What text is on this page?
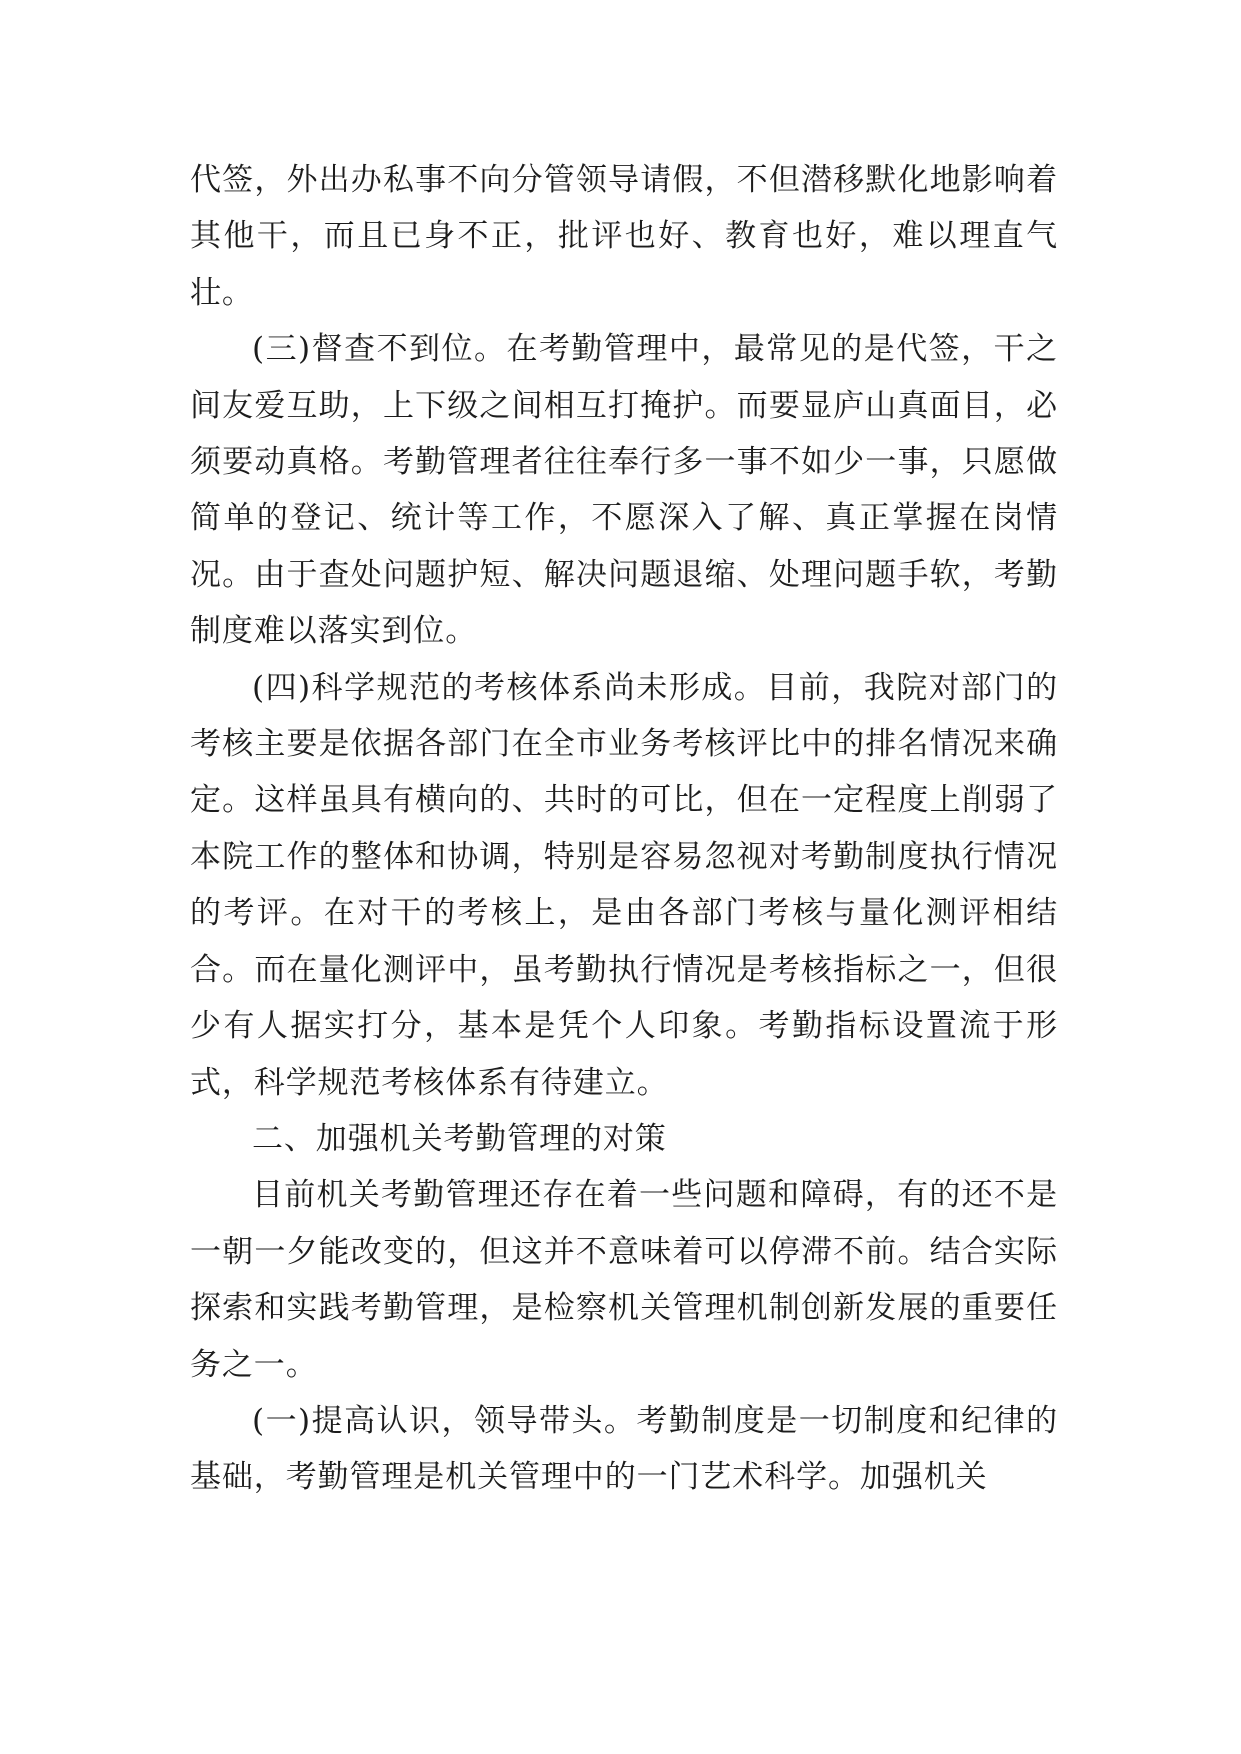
代签，外出办私事不向分管领导请假，不但潜移默化地影响着其他干，而且已身不正，批评也好、教育也好，难以理直气壮。

(三)督查不到位。在考勤管理中，最常见的是代签，干之间友爱互助，上下级之间相互打掩护。而要显庐山真面目，必须要动真格。考勤管理者往往奉行多一事不如少一事，只愿做简单的登记、统计等工作，不愿深入了解、真正掌握在岗情况。由于查处问题护短、解决问题退缩、处理问题手软，考勤制度难以落实到位。

(四)科学规范的考核体系尚未形成。目前，我院对部门的考核主要是依据各部门在全市业务考核评比中的排名情况来确定。这样虽具有横向的、共时的可比，但在一定程度上削弱了本院工作的整体和协调，特别是容易忽视对考勤制度执行情况的考评。在对干的考核上，是由各部门考核与量化测评相结合。而在量化测评中，虽考勤执行情况是考核指标之一，但很少有人据实打分，基本是凭个人印象。考勤指标设置流于形式，科学规范考核体系有待建立。

二、加强机关考勤管理的对策

目前机关考勤管理还存在着一些问题和障碍，有的还不是一朝一夕能改变的，但这并不意味着可以停滞不前。结合实际探索和实践考勤管理，是检察机关管理机制创新发展的重要任务之一。

(一)提高认识，领导带头。考勤制度是一切制度和纪律的基础，考勤管理是机关管理中的一门艺术科学。加强机关
